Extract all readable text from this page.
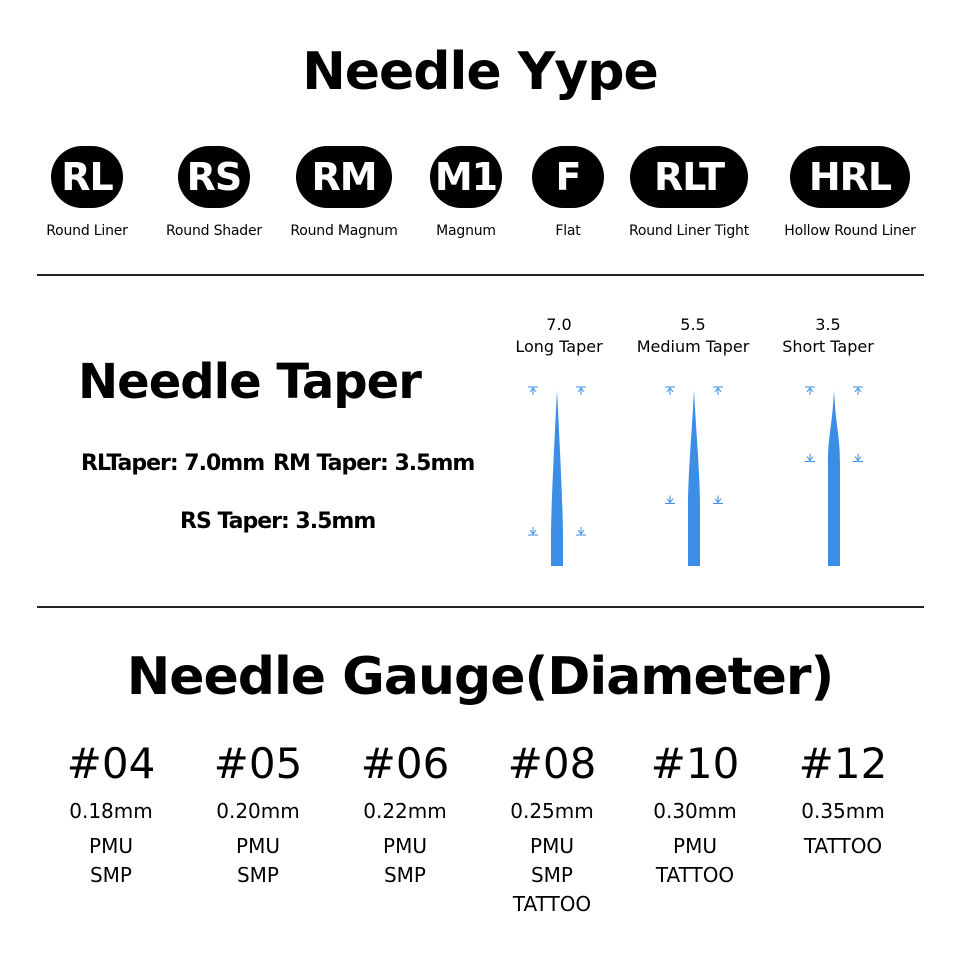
Needle Yype
RL
Round Liner
RS
Round Shader
RM
Round Magnum
M1
Magnum
F
Flat
RLT
Round Liner Tight
HRL
Hollow Round Liner
Needle Taper
RLTaper: 7.0mm RM Taper: 3.5mm
RS Taper: 3.5mm
7.0
Long Taper
5.5
Medium Taper
3.5
Short Taper
Needle Gauge(Diameter)
#04
0.18mm
PMU
SMP
#05
0.20mm
PMU
SMP
#06
0.22mm
PMU
SMP
#08
0.25mm
PMU
SMP
TATTOO
#10
0.30mm
PMU
TATTOO
#12
0.35mm
TATTOO
